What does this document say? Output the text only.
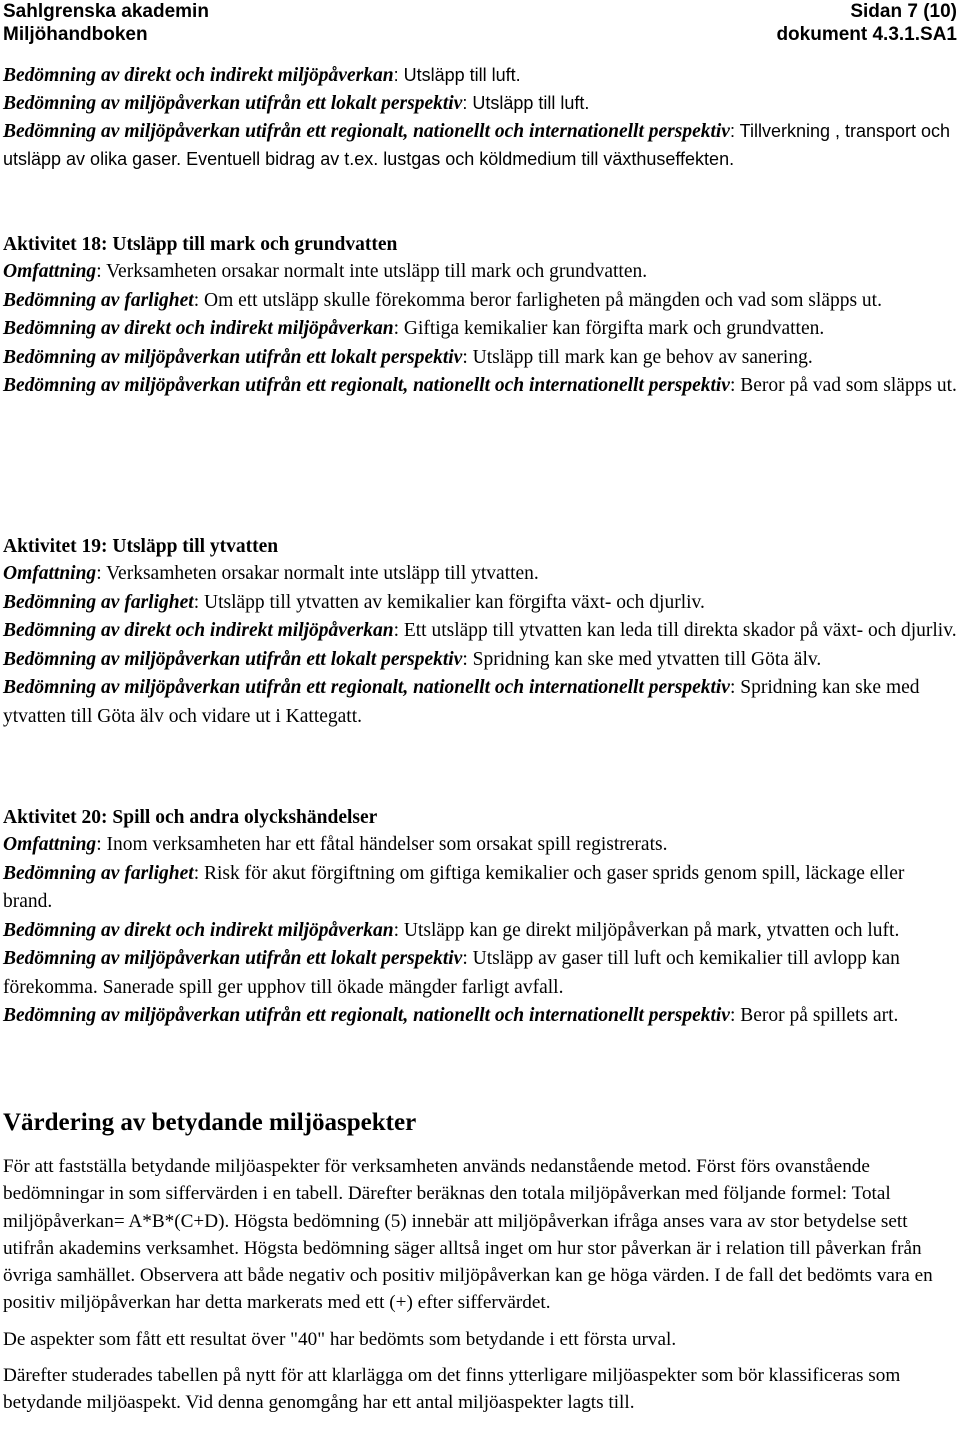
Sahlgrenska akademin
Miljöhandboken
Sidan 7 (10)
dokument 4.3.1.SA1

Bedömning av direkt och indirekt miljöpåverkan: Utsläpp till luft.

Bedömning av miljöpåverkan utifrån ett lokalt perspektiv: Utsläpp till luft.

Bedömning av miljöpåverkan utifrån ett regionalt, nationellt och internationellt perspektiv: Tillverkning , transport och utsläpp av olika gaser. Eventuell bidrag av t.ex. lustgas och köldmedium till växthuseffekten.

Aktivitet 18: Utsläpp till mark och grundvatten

Omfattning: Verksamheten orsakar normalt inte utsläpp till mark och grundvatten.

Bedömning av farlighet: Om ett utsläpp skulle förekomma beror farligheten på mängden och vad som släpps ut.

Bedömning av direkt och indirekt miljöpåverkan: Giftiga kemikalier kan förgifta mark och grundvatten.

Bedömning av miljöpåverkan utifrån ett lokalt perspektiv: Utsläpp till mark kan ge behov av sanering.

Bedömning av miljöpåverkan utifrån ett regionalt, nationellt och internationellt perspektiv: Beror på vad som släpps ut.

Aktivitet 19: Utsläpp till ytvatten

Omfattning: Verksamheten orsakar normalt inte utsläpp till ytvatten.

Bedömning av farlighet: Utsläpp till ytvatten av kemikalier kan förgifta växt- och djurliv.

Bedömning av direkt och indirekt miljöpåverkan: Ett utsläpp till ytvatten kan leda till direkta skador på växt- och djurliv.

Bedömning av miljöpåverkan utifrån ett lokalt perspektiv: Spridning kan ske med ytvatten till Göta älv.

Bedömning av miljöpåverkan utifrån ett regionalt, nationellt och internationellt perspektiv: Spridning kan ske med ytvatten till Göta älv och vidare ut i Kattegatt.

Aktivitet 20: Spill och andra olyckshändelser

Omfattning: Inom verksamheten har ett fåtal händelser som orsakat spill registrerats.

Bedömning av farlighet: Risk för akut förgiftning om giftiga kemikalier och gaser sprids genom spill, läckage eller brand.

Bedömning av direkt och indirekt miljöpåverkan: Utsläpp kan ge direkt miljöpåverkan på mark, ytvatten och luft.

Bedömning av miljöpåverkan utifrån ett lokalt perspektiv: Utsläpp av gaser till luft och kemikalier till avlopp kan förekomma. Sanerade spill ger upphov till ökade mängder farligt avfall.

Bedömning av miljöpåverkan utifrån ett regionalt, nationellt och internationellt perspektiv: Beror på spillets art.

Värdering av betydande miljöaspekter

För att fastställa betydande miljöaspekter för verksamheten används nedanstående metod. Först förs ovanstående bedömningar in som siffervärden i en tabell. Därefter beräknas den totala miljöpåverkan med följande formel: Total miljöpåverkan= A*B*(C+D). Högsta bedömning (5) innebär att miljöpåverkan ifråga anses vara av stor betydelse sett utifrån akademins verksamhet. Högsta bedömning säger alltså inget om hur stor påverkan är i relation till påverkan från övriga samhället. Observera att både negativ och positiv miljöpåverkan kan ge höga värden. I de fall det bedömts vara en positiv miljöpåverkan har detta markerats med ett (+) efter siffervärdet.

De aspekter som fått ett resultat över "40" har bedömts som betydande i ett första urval.

Därefter studerades tabellen på nytt för att klarlägga om det finns ytterligare miljöaspekter som bör klassificeras som betydande miljöaspekt. Vid denna genomgång har ett antal miljöaspekter lagts till.
